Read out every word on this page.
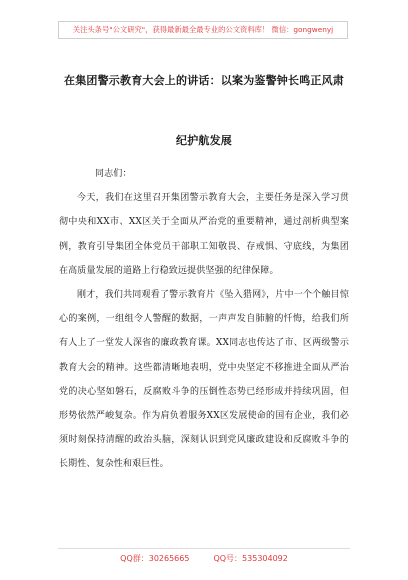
关注头条号"公文研究"，获得最新最全最专业的公文资料库！ 微信：gongwenyj
在集团警示教育大会上的讲话：以案为鉴警钟长鸣正风肃
纪护航发展

同志们：

今天，我们在这里召开集团警示教育大会，主要任务是深入学习贯彻中央和XX市、XX区关于全面从严治党的重要精神，通过剖析典型案例，教育引导集团全体党员干部职工知敬畏、存戒惧、守底线，为集团在高质量发展的道路上行稳致远提供坚强的纪律保障。

刚才，我们共同观看了警示教育片《坠入猎网》，片中一个个触目惊心的案例，一组组令人警醒的数据，一声声发自肺腑的忏悔，给我们所有人上了一堂发人深省的廉政教育课。XX同志也传达了市、区两级警示教育大会的精神。这些都清晰地表明，党中央坚定不移推进全面从严治党的决心坚如磐石，反腐败斗争的压倒性态势已经形成并持续巩固，但形势依然严峻复杂。作为肩负着服务XX区发展使命的国有企业，我们必须时刻保持清醒的政治头脑，深刻认识到党风廉政建设和反腐败斗争的长期性、复杂性和艰巨性。

QQ群：30265665	QQ号：535304092
